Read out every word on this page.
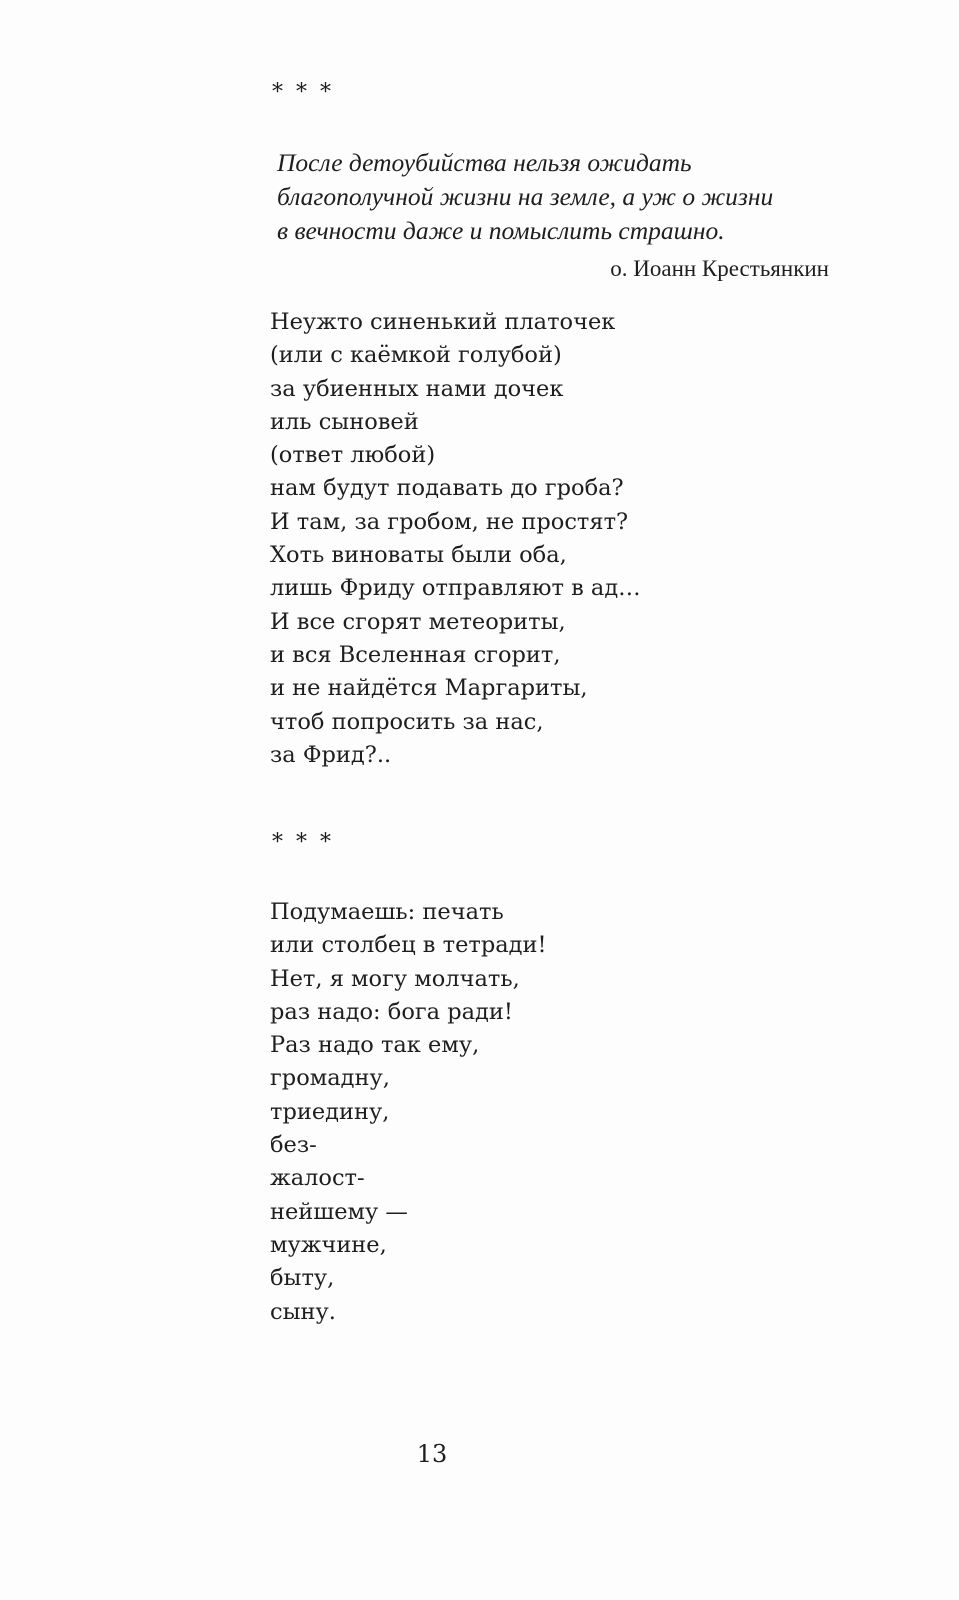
* * *

После детоубийства нельзя ожидать
благополучной жизни на земле, а уж о жизни
в вечности даже и помыслить страшно.

о. Иоанн Крестьянкин
Неужто синенький платочек
(или с каёмкой голубой)
за убиенных нами дочек
иль сыновей
(ответ любой)
нам будут подавать до гроба?
И там, за гробом, не простят?
Хоть виноваты были оба,
лишь Фриду отправляют в ад…
И все сгорят метеориты,
и вся Вселенная сгорит,
и не найдётся Маргариты,
чтоб попросить за нас,
за Фрид?..
* * *
Подумаешь: печать
или столбец в тетради!
Нет, я могу молчать,
раз надо: бога ради!
Раз надо так ему,
громадну,
триедину,
без-
жалост-
нейшему —
мужчине,
быту,
сыну.
13
